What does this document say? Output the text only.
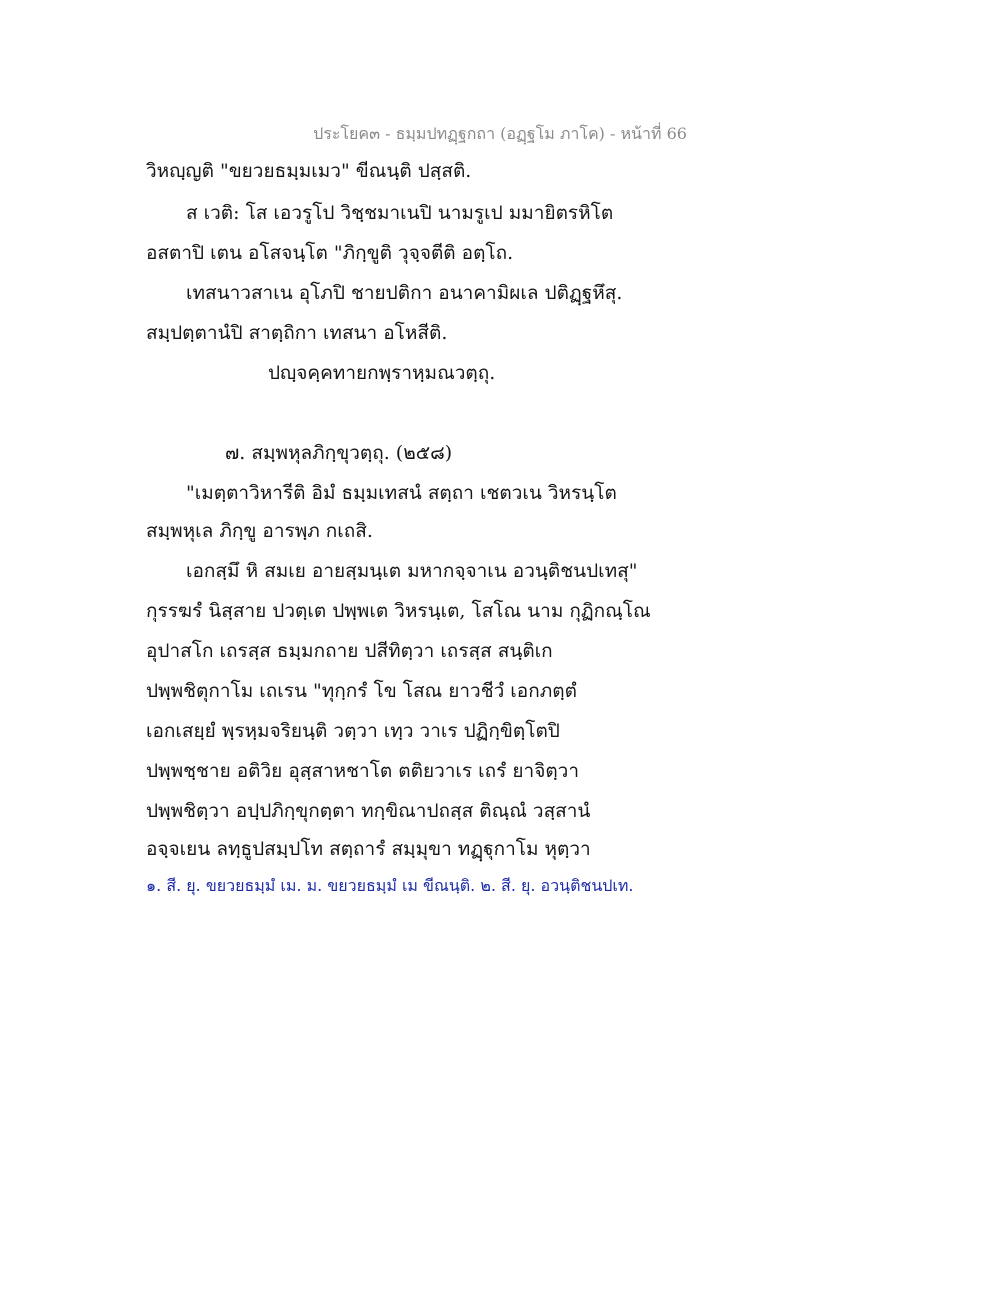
ประโยค๓ - ธมฺมปทฏฺฐกถา (อฏฺฐโม ภาโค) - หน้าที่ 66
วิหญฺญติ "ขยวยธมฺมเมว" ขีณนฺติ ปสฺสติ.
ส เวติ: โส เอวรูโป วิชฺชมาเนปิ นามรูเป มมายิตรหิโต
อสตาปิ เตน อโสจนฺโต "ภิกฺขูติ วุจฺจตีติ อตฺโถ.
เทสนาวสาเน อุโภปิ ชายปติกา อนาคามิผเล ปติฏฺฐหึสุ.
สมฺปตฺตานํปิ สาตฺถิกา เทสนา อโหสีติ.
ปญฺจคฺคทายกพฺราหฺมณวตฺถุ.
๗. สมฺพหุลภิกฺขุวตฺถุ. (๒๕๘)
"เมตฺตาวิหารีติ อิมํ ธมฺมเทสนํ สตฺถา เชตวเน วิหรนฺโต
สมฺพหุเล ภิกฺขู อารพฺภ กเถสิ.
เอกสฺมึ หิ สมเย อายสฺมนฺเต มหากจฺจาเน อวนฺติชนปเทสุ"
กุรรฆรํ นิสฺสาย ปวตฺเต ปพฺพเต วิหรนฺเต, โสโณ นาม กุฏิกณฺโณ
อุปาสโก เถรสฺส ธมฺมกถาย ปสีทิตฺวา เถรสฺส สนฺติเก
ปพฺพชิตุกาโม เถเรน "ทุกฺกรํ โข โสณ ยาวชีวํ เอกภตฺตํ
เอกเสยฺยํ พฺรหฺมจริยนฺติ วตฺวา เทฺว วาเร ปฏิกฺขิตฺโตปิ
ปพฺพชฺชาย อติวิย อุสฺสาหชาโต ตติยวาเร เถรํ ยาจิตฺวา
ปพฺพชิตฺวา อปฺปภิกฺขุกตฺตา ทกฺขิณาปถสฺส ติณฺณํ วสฺสานํ
อจฺจเยน ลทฺธูปสมฺปโท สตฺถารํ สมฺมุขา ทฏฺฐุกาโม หุตฺวา
๑. สี. ยุ. ขยวยธมฺมํ เม. ม. ขยวยธมฺมํ เม ขีณนฺติ. ๒. สี. ยุ. อวนฺติชนปเท.
